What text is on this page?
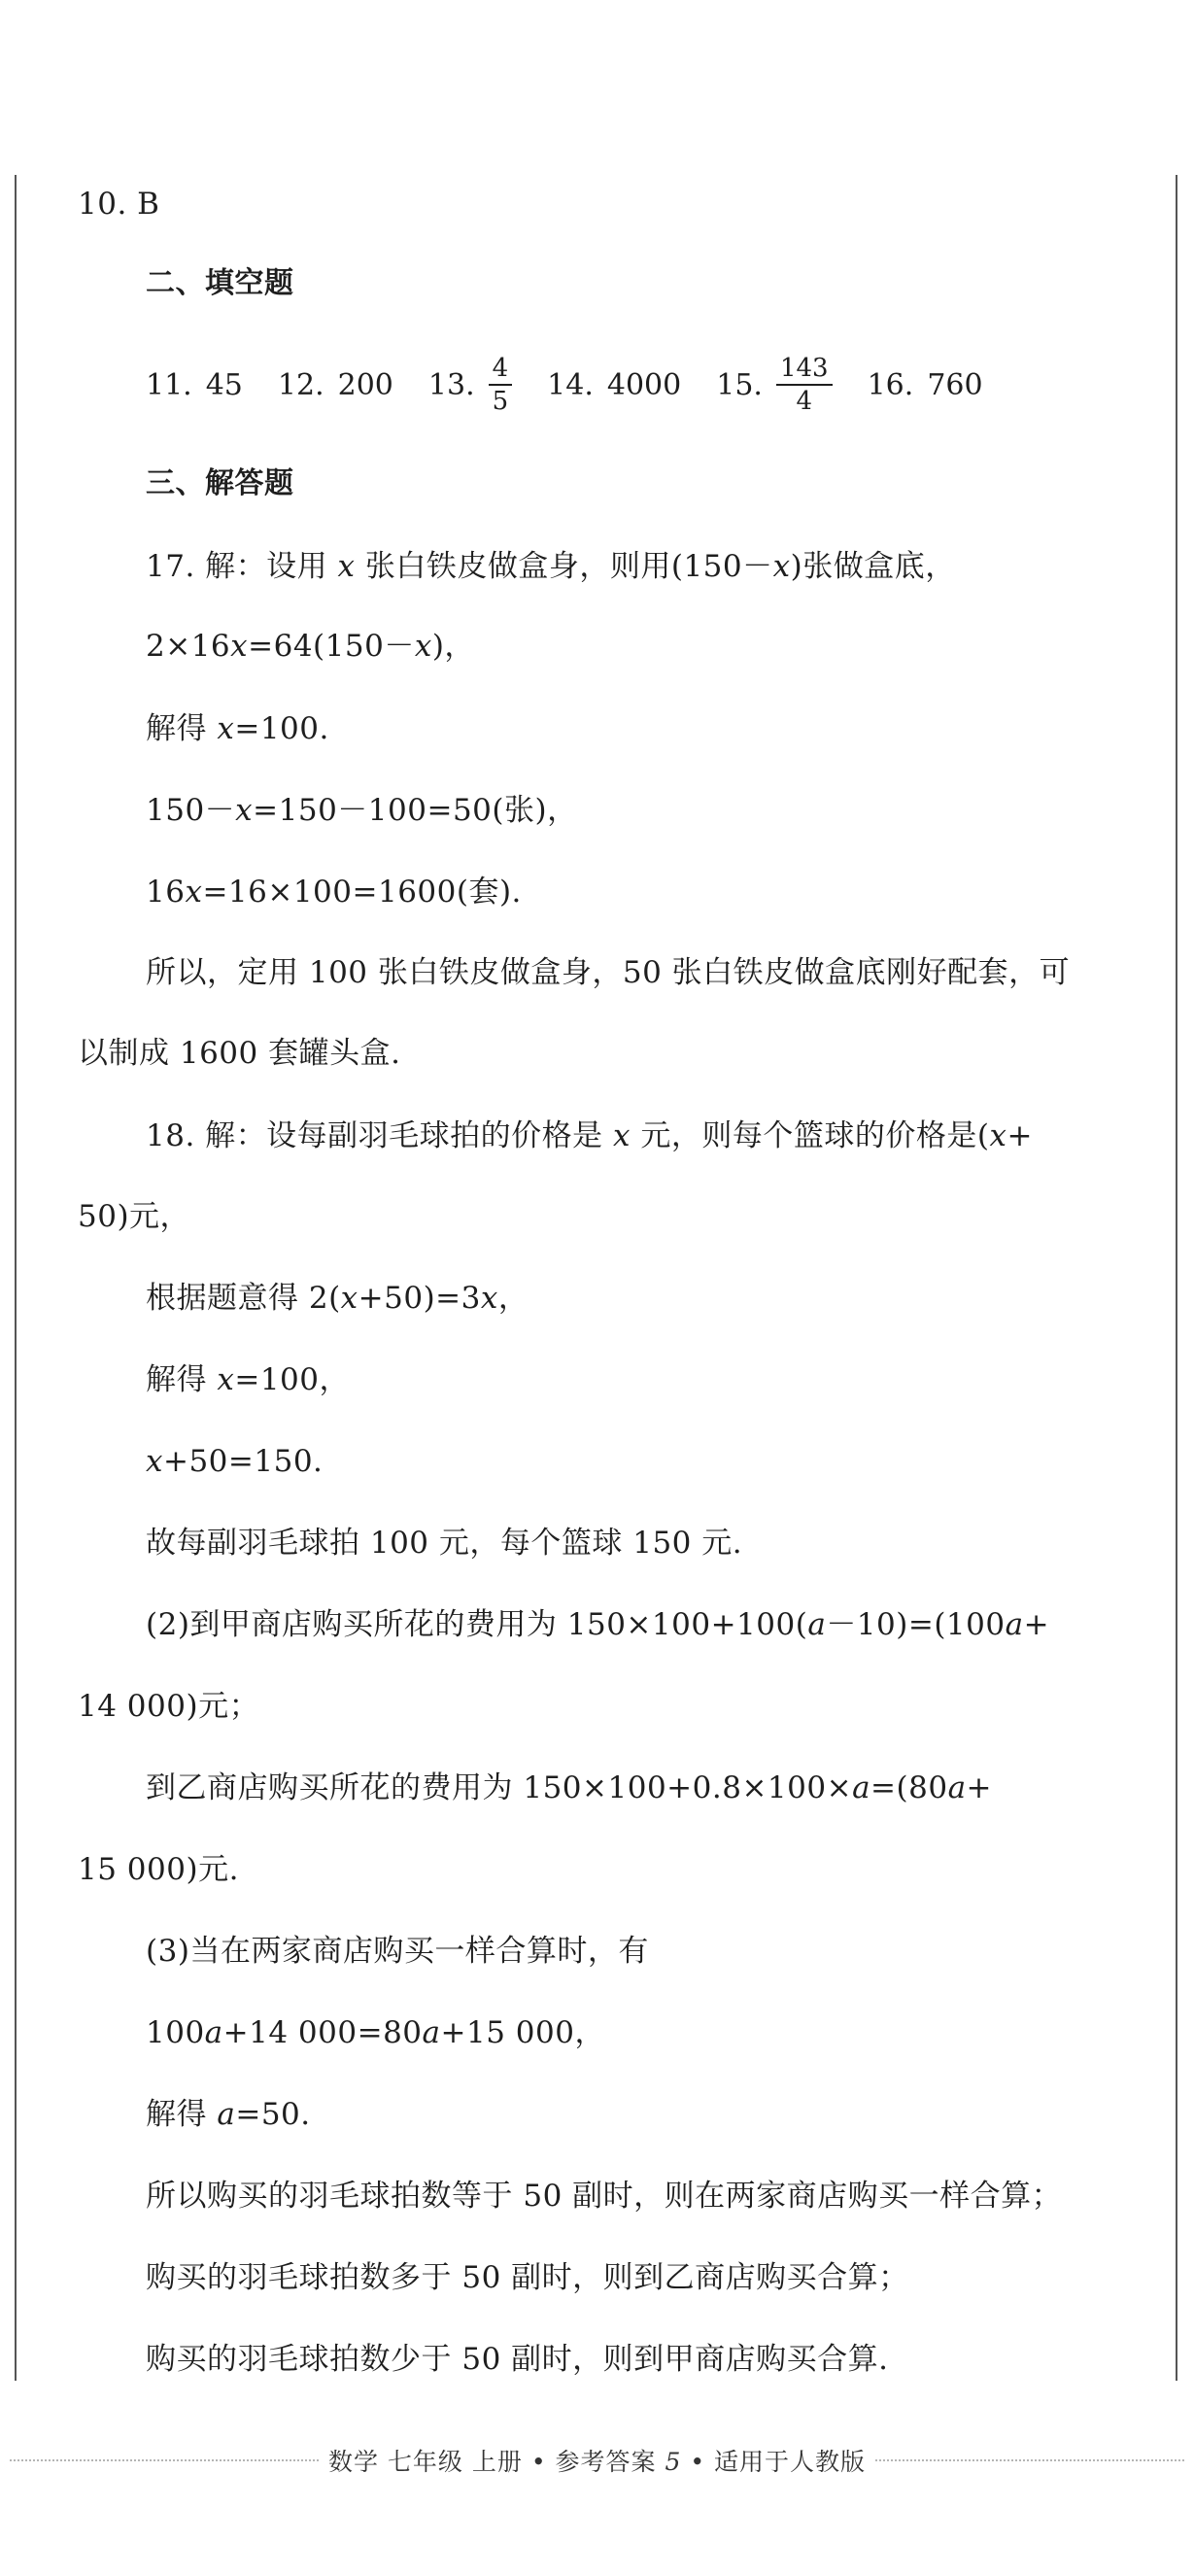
10. B
二、填空题
11. 45 12. 200 13. $\frac{4}{5} 14$. 4000 15. $\frac{143}{4} 16$. 760
三、解答题
17. 解：设用 x 张白铁皮做盒身，则用(150－x)张做盒底，
2×16x=64(150－x)，
解得 x=100.
150－x=150－100=50(张)，
16x=16×100=1600(套).
所以，定用 100 张白铁皮做盒身，50 张白铁皮做盒底刚好配套，可
以制成 1600 套罐头盒.
18. 解：设每副羽毛球拍的价格是 x 元，则每个篮球的价格是(x+
50)元，
根据题意得 2(x+50)=3x，
解得 x=100，
x+50=150.
故每副羽毛球拍 100 元，每个篮球 150 元.
(2)到甲商店购买所花的费用为 150×100+100(a－10)=(100a+
14 000)元；
到乙商店购买所花的费用为 150×100+0.8×100×a=(80a+
15 000)元.
(3)当在两家商店购买一样合算时，有
100a+14 000=80a+15 000，
解得 a=50.
所以购买的羽毛球拍数等于 50 副时，则在两家商店购买一样合算；
购买的羽毛球拍数多于 50 副时，则到乙商店购买合算；
购买的羽毛球拍数少于 50 副时，则到甲商店购买合算.
数学 七年级 上册 • 参考答案 5 • 适用于人教版
